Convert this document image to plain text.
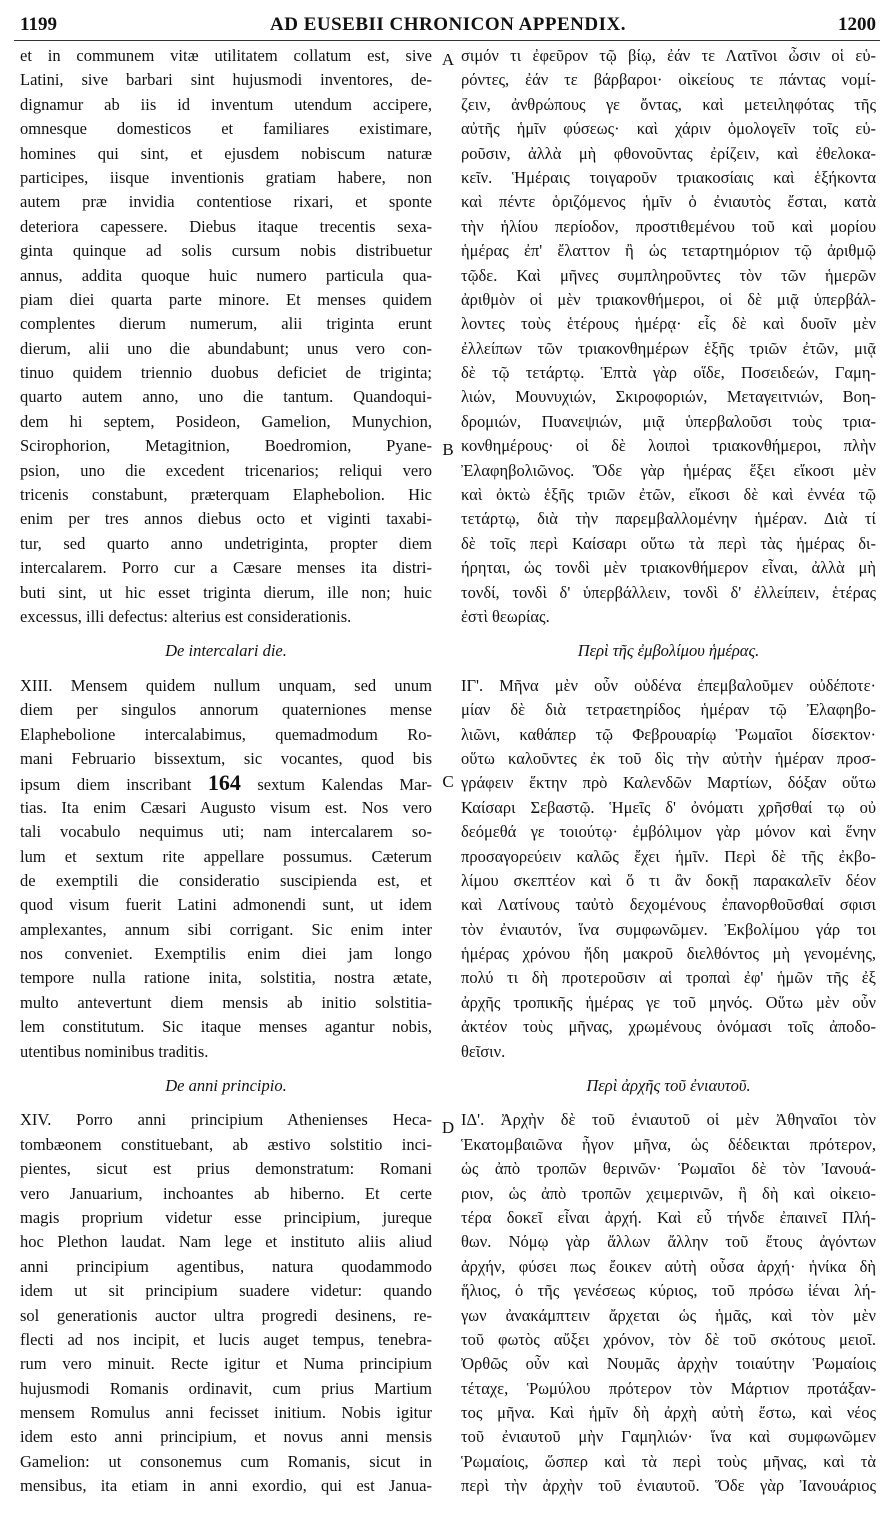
1199	AD EUSEBII CHRONICON APPENDIX.	1200
A
B
C
D
et in communem vitæ utilitatem collatum est, sive
Latini, sive barbari sint hujusmodi inventores, de-
dignamur ab iis id inventum utendum accipere,
omnesque domesticos et familiares existimare,
homines qui sint, et ejusdem nobiscum naturæ
participes, iisque inventionis gratiam habere, non
autem præ invidia contentiose rixari, et sponte
deteriora capessere. Diebus itaque trecentis sexa-
ginta quinque ad solis cursum nobis distribuetur
annus, addita quoque huic numero particula qua-
piam diei quarta parte minore. Et menses quidem
complentes dierum numerum, alii triginta erunt
dierum, alii uno die abundabunt; unus vero con-
tinuo quidem triennio duobus deficiet de triginta;
quarto autem anno, uno die tantum. Quandoqui-
dem hi septem, Posideon, Gamelion, Munychion,
Scirophorion, Metagitnion, Boedromion, Pyane-
psion, uno die excedent tricenarios; reliqui vero
tricenis constabunt, præterquam Elaphebolion. Hic
enim per tres annos diebus octo et viginti taxabi-
tur, sed quarto anno undetriginta, propter diem
intercalarem. Porro cur a Cæsare menses ita distri-
buti sint, ut hic esset triginta dierum, ille non; huic
excessus, illi defectus: alterius est considerationis.
De intercalari die.
XIII. Mensem quidem nullum unquam, sed unum
diem per singulos annorum quaterniones mense
Elaphebolione intercalabimus, quemadmodum Ro-
mani Februario bissextum, sic vocantes, quod bis
ipsum diem inscribant 164 sextum Kalendas Mar-
tias. Ita enim Cæsari Augusto visum est. Nos vero
tali vocabulo nequimus uti; nam intercalarem so-
lum et sextum rite appellare possumus. Cæterum
de exemptili die consideratio suscipienda est, et
quod visum fuerit Latini admonendi sunt, ut idem
amplexantes, annum sibi corrigant. Sic enim inter
nos conveniet. Exemptilis enim diei jam longo
tempore nulla ratione inita, solstitia, nostra ætate,
multo antevertunt diem mensis ab initio solstitia-
lem constitutum. Sic itaque menses agantur nobis,
utentibus nominibus traditis.
De anni principio.
XIV. Porro anni principium Athenienses Heca-
tombæonem constituebant, ab æstivo solstitio inci-
pientes, sicut est prius demonstratum: Romani
vero Januarium, inchoantes ab hiberno. Et certe
magis proprium videtur esse principium, jureque
hoc Plethon laudat. Nam lege et instituto aliis aliud
anni principium agentibus, natura quodammodo
idem ut sit principium suadere videtur: quando
sol generationis auctor ultra progredi desinens, re-
flecti ad nos incipit, et lucis auget tempus, tenebra-
rum vero minuit. Recte igitur et Numa principium
hujusmodi Romanis ordinavit, cum prius Martium
mensem Romulus anni fecisset initium. Nobis igitur
idem esto anni principium, et novus anni mensis
Gamelion: ut consonemus cum Romanis, sicut in
mensibus, ita etiam in anni exordio, qui est Janua-
σιμόν τι ἐφεῦρον τῷ βίῳ, ἐάν τε Λατῖνοι ὦσιν οἱ εὑ-
ρόντες, ἐάν τε βάρβαροι· οἰκείους τε πάντας νομί-
ζειν, ἀνθρώπους γε ὄντας, καὶ μετειληφότας τῆς
αὐτῆς ἡμῖν φύσεως· καὶ χάριν ὁμολογεῖν τοῖς εὑ-
ροῦσιν, ἀλλὰ μὴ φθονοῦντας ἐρίζειν, καὶ ἐθελοκα-
κεῖν. Ἡμέραις τοιγαροῦν τριακοσίαις καὶ ἑξήκοντα
καὶ πέντε ὁριζόμενος ἡμῖν ὁ ἐνιαυτὸς ἔσται, κατὰ
τὴν ἡλίου περίοδον, προστιθεμένου τοῦ καὶ μορίου
ἡμέρας ἐπ' ἔλαττον ἢ ὡς τεταρτημόριον τῷ ἀριθμῷ
τῷδε. Καὶ μῆνες συμπληροῦντες τὸν τῶν ἡμερῶν
ἀριθμὸν οἱ μὲν τριακονθήμεροι, οἱ δὲ μιᾷ ὑπερβάλ-
λοντες τοὺς ἑτέρους ἡμέρᾳ· εἷς δὲ καὶ δυοῖν μὲν
ἐλλείπων τῶν τριακονθημέρων ἑξῆς τριῶν ἐτῶν, μιᾷ
δὲ τῷ τετάρτῳ. Ἑπτὰ γὰρ οἵδε, Ποσειδεών, Γαμη-
λιών, Μουνυχιών, Σκιροφοριών, Μεταγειτνιών, Βοη-
δρομιών, Πυανεψιών, μιᾷ ὑπερβαλοῦσι τοὺς τρια-
κονθημέρους· οἱ δὲ λοιποὶ τριακονθήμεροι, πλὴν
Ἐλαφηβολιῶνος. Ὅδε γὰρ ἡμέρας ἕξει εἴκοσι μὲν
καὶ ὀκτὼ ἑξῆς τριῶν ἐτῶν, εἴκοσι δὲ καὶ ἐννέα τῷ
τετάρτῳ, διὰ τὴν παρεμβαλλομένην ἡμέραν. Διὰ τί
δὲ τοῖς περὶ Καίσαρι οὕτω τὰ περὶ τὰς ἡμέρας δι-
ήρηται, ὡς τονδὶ μὲν τριακονθήμερον εἶναι, ἀλλὰ μὴ
τονδί, τονδὶ δ' ὑπερβάλλειν, τονδὶ δ' ἐλλείπειν, ἑτέρας
ἐστὶ θεωρίας.
Περὶ τῆς ἐμβολίμου ἡμέρας.
ΙΓ'. Μῆνα μὲν οὖν οὐδένα ἐπεμβαλοῦμεν οὐδέποτε·
μίαν δὲ διὰ τετραετηρίδος ἡμέραν τῷ Ἐλαφηβο-
λιῶνι, καθάπερ τῷ Φεβρουαρίῳ Ῥωμαῖοι δίσεκτον·
οὕτω καλοῦντες ἐκ τοῦ δὶς τὴν αὐτὴν ἡμέραν προσ-
γράφειν ἕκτην πρὸ Καλενδῶν Μαρτίων, δόξαν οὕτω
Καίσαρι Σεβαστῷ. Ἡμεῖς δ' ὀνόματι χρῆσθαί τῳ οὐ
δεόμεθά γε τοιούτῳ· ἐμβόλιμον γὰρ μόνον καὶ ἕνην
προσαγορεύειν καλῶς ἔχει ἡμῖν. Περὶ δὲ τῆς ἐκβο-
λίμου σκεπτέον καὶ ὅ τι ἂν δοκῇ παρακαλεῖν δέον
καὶ Λατίνους ταὐτὸ δεχομένους ἐπανορθοῦσθαί σφισι
τὸν ἐνιαυτόν, ἵνα συμφωνῶμεν. Ἐκβολίμου γάρ τοι
ἡμέρας χρόνου ἤδη μακροῦ διελθόντος μὴ γενομένης,
πολύ τι δὴ προτεροῦσιν αἱ τροπαὶ ἐφ' ἡμῶν τῆς ἐξ
ἀρχῆς τροπικῆς ἡμέρας γε τοῦ μηνός. Οὕτω μὲν οὖν
ἀκτέον τοὺς μῆνας, χρωμένους ὀνόμασι τοῖς ἀποδο-
θεῖσιν.
Περὶ ἀρχῆς τοῦ ἐνιαυτοῦ.
ΙΔ'. Ἀρχὴν δὲ τοῦ ἐνιαυτοῦ οἱ μὲν Ἀθηναῖοι τὸν
Ἑκατομβαιῶνα ἦγον μῆνα, ὡς δέδεικται πρότερον,
ὡς ἀπὸ τροπῶν θερινῶν· Ῥωμαῖοι δὲ τὸν Ἰανουά-
ριον, ὡς ἀπὸ τροπῶν χειμερινῶν, ἣ δὴ καὶ οἰκειο-
τέρα δοκεῖ εἶναι ἀρχή. Καὶ εὖ τήνδε ἐπαινεῖ Πλή-
θων. Νόμῳ γὰρ ἄλλων ἄλλην τοῦ ἔτους ἀγόντων
ἀρχήν, φύσει πως ἔοικεν αὐτὴ οὖσα ἀρχή· ἡνίκα δὴ
ἥλιος, ὁ τῆς γενέσεως κύριος, τοῦ πρόσω ἰέναι λή-
γων ἀνακάμπτειν ἄρχεται ὡς ἡμᾶς, καὶ τὸν μὲν
τοῦ φωτὸς αὔξει χρόνον, τὸν δὲ τοῦ σκότους μειοῖ.
Ὀρθῶς οὖν καὶ Νουμᾶς ἀρχὴν τοιαύτην Ῥωμαίοις
τέταχε, Ῥωμύλου πρότερον τὸν Μάρτιον προτάξαν-
τος μῆνα. Καὶ ἡμῖν δὴ ἀρχὴ αὐτὴ ἔστω, καὶ νέος
τοῦ ἐνιαυτοῦ μὴν Γαμηλιών· ἵνα καὶ συμφωνῶμεν
Ῥωμαίοις, ὥσπερ καὶ τὰ περὶ τοὺς μῆνας, καὶ τὰ
περὶ τὴν ἀρχὴν τοῦ ἐνιαυτοῦ. Ὅδε γὰρ Ἰανουάριος
